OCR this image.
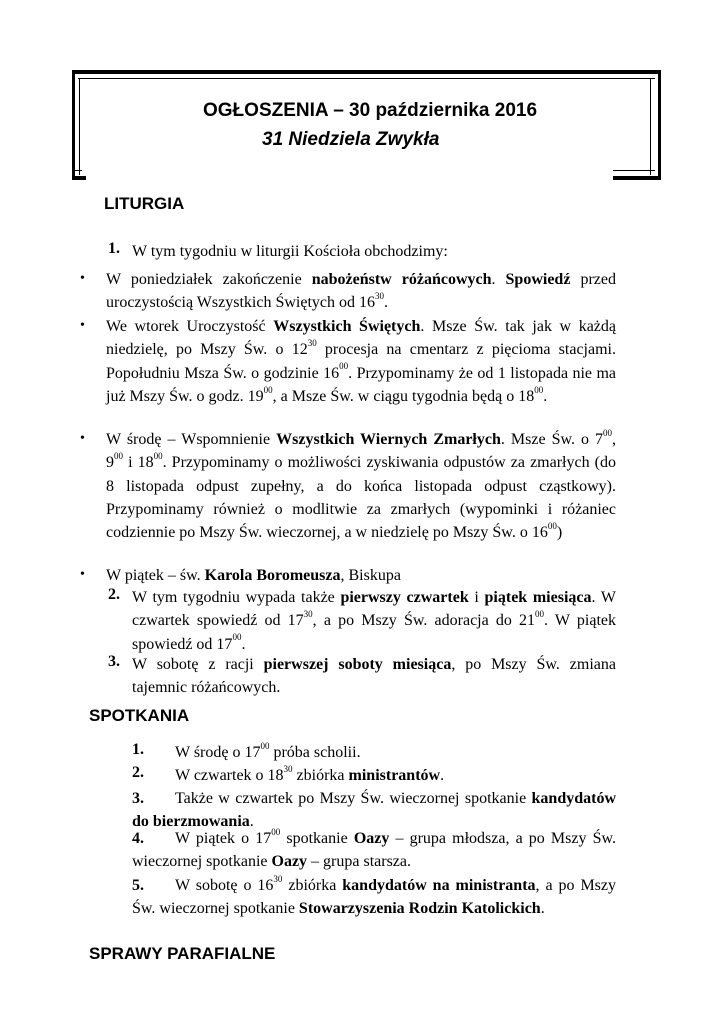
OGŁOSZENIA – 30 października 2016
31 Niedziela Zwykła
LITURGIA
1. W tym tygodniu w liturgii Kościoła obchodzimy:
• W poniedziałek zakończenie nabożeństw różańcowych. Spowiedź przed uroczystością Wszystkich Świętych od $16^{30}$.
• We wtorek Uroczystość Wszystkich Świętych. Msze Św. tak jak w każdą niedzielę, po Mszy Św. o $12^{30}$ procesja na cmentarz z pięcioma stacjami. Popołudniu Msza Św. o godzinie $16^{00}$. Przypominamy że od 1 listopada nie ma już Mszy Św. o godz. $19^{00}$, a Msze Św. w ciągu tygodnia będą o $18^{00}$.
• W środę – Wspomnienie Wszystkich Wiernych Zmarłych. Msze Św. o $7^{00}$, $9^{00}$ i $18^{00}$. Przypominamy o możliwości zyskiwania odpustów za zmarłych (do 8 listopada odpust zupełny, a do końca listopada odpust cząstkowy). Przypominamy również o modlitwie za zmarłych (wypominki i różaniec codziennie po Mszy Św. wieczornej, a w niedzielę po Mszy Św. o $16^{00}$)
• W piątek – św. Karola Boromeusza, Biskupa
2. W tym tygodniu wypada także pierwszy czwartek i piątek miesiąca. W czwartek spowiedź od $17^{30}$, a po Mszy Św. adoracja do $21^{00}$. W piątek spowiedź od $17^{00}$.
3. W sobotę z racji pierwszej soboty miesiąca, po Mszy Św. zmiana tajemnic różańcowych.
SPOTKANIA
1. W środę o $17^{00}$ próba scholii.
2. W czwartek o $18^{30}$ zbiórka ministrantów.
3. Także w czwartek po Mszy Św. wieczornej spotkanie kandydatów do bierzmowania.
4. W piątek o $17^{00}$ spotkanie Oazy – grupa młodsza, a po Mszy Św. wieczornej spotkanie Oazy – grupa starsza.
5. W sobotę o $16^{30}$ zbiórka kandydatów na ministranta, a po Mszy Św. wieczornej spotkanie Stowarzyszenia Rodzin Katolickich.
SPRAWY PARAFIALNE
